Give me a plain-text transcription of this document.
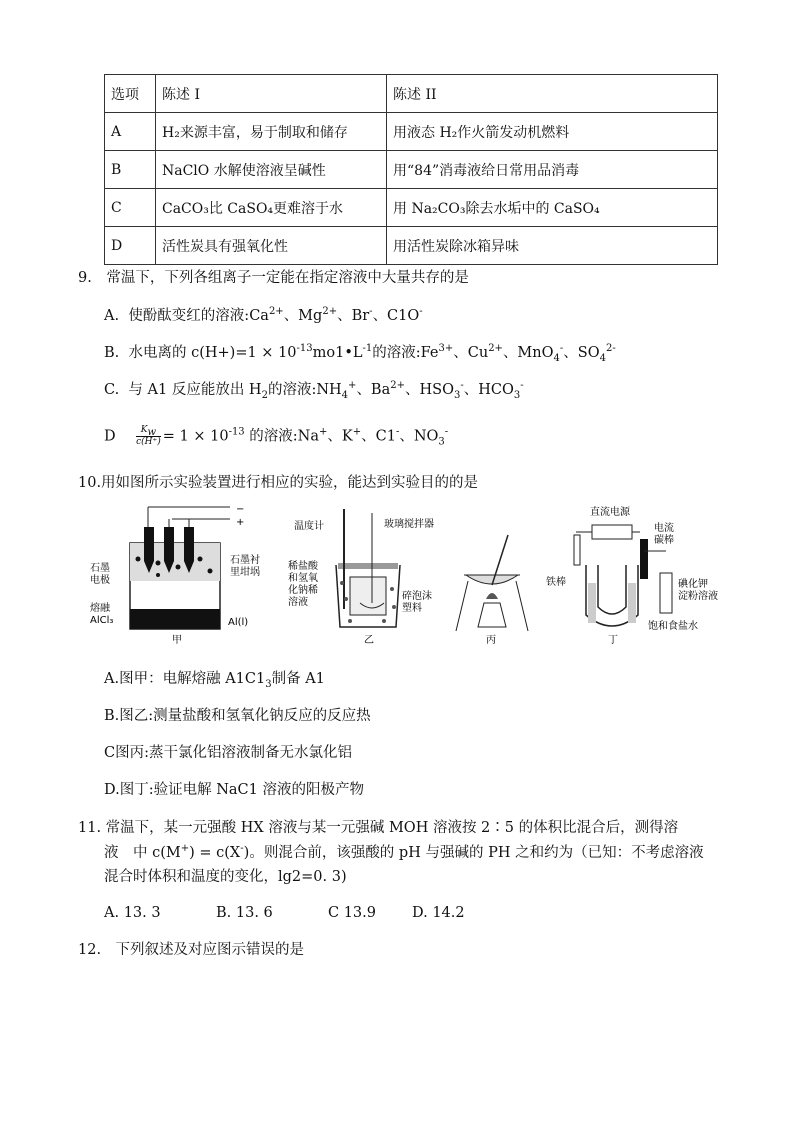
选项	陈述 I	陈述 II
A	H₂来源丰富，易于制取和储存	用液态 H₂作火箭发动机燃料
B	NaClO 水解使溶液呈碱性	用“84”消毒液给日常用品消毒
C	CaCO₃比 CaSO₄更难溶于水	用 Na₂CO₃除去水垢中的 CaSO₄
D	活性炭具有强氧化性	用活性炭除冰箱异味
9.　常温下，下列各组离子一定能在指定溶液中大量共存的是
A. 使酚酞变红的溶液$:Ca^{2+}$、$Mg^{2+}$、Br-、C1O-
B. 水电离的 $c(H+)=1 \times 10^{-13}mo1•L^{-1}$的溶液$:Fe^{3+}$、$Cu^{2+}$、MnO$_4$-、$SO_4^{2-}$
C. 与 A1 反应能放出 $H_2$的溶液$:NH_4^+$、$Ba^{2+}$、$HSO_3^-$、$HCO_3^-$
D $\frac{K_w}{c(H^+)} = 1 \times 10^{-13}$ 的溶液:Na+、K+、C1-、$NO_3^-$
10.用如图所示实验装置进行相应的实验，能达到实验目的的是
−
+
石墨
电极
石墨衬
里坩埚
熔融
AlCl₃	Al(l)
甲
温度计	玻璃搅拌器
稀盐酸
和氢氧
化钠稀
溶液
碎泡沫
塑料
乙	丙
直流电源
电流
碳棒
铁棒	碘化钾
淀粉溶液
饱和食盐水
丁
A.图甲：电解熔融 $A1C1_3$制备 A1
B.图乙:测量盐酸和氢氧化钠反应的反应热
C图丙:蒸干氯化铝溶液制备无水氯化铝
D.图丁:验证电解 NaC1 溶液的阳极产物
11. 常温下，某一元强酸 HX 溶液与某一元强碱 MOH 溶液按 2∶5 的体积比混合后，测得溶
液　中 c(M+) = c(X-)。则混合前，该强酸的 pH 与强碱的 PH 之和约为（已知：不考虑溶液
混合时体积和温度的变化，lg2=0. 3)
A. 13. 3	B. 13. 6	C 13.9 D. 14.2
12.　下列叙述及对应图示错误的是
